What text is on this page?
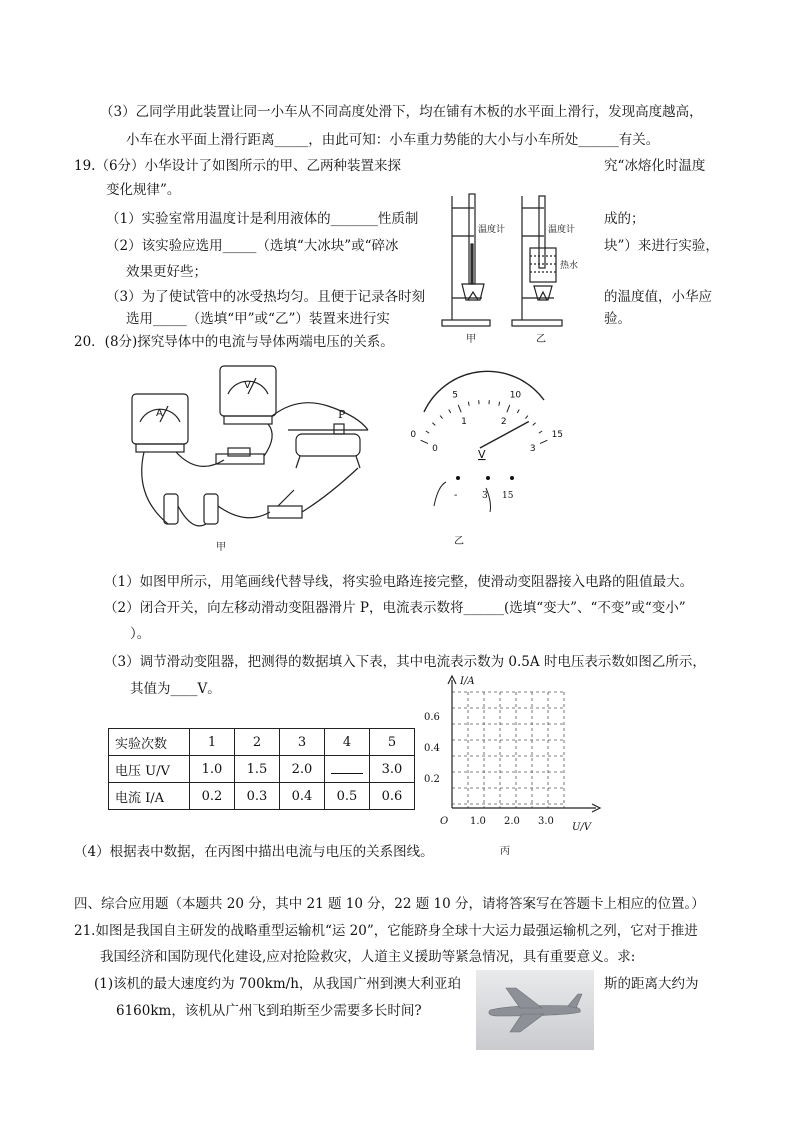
（3）乙同学用此装置让同一小车从不同高度处滑下，均在铺有木板的水平面上滑行，发现高度越高，
小车在水平面上滑行距离_____，由此可知：小车重力势能的大小与小车所处______有关。
19.（6分）小华设计了如图所示的甲、乙两种装置来探	究“冰熔化时温度
变化规律”。
（1）实验室常用温度计是利用液体的_______性质制	成的；
（2）该实验应选用_____（选填“大冰块”或“碎冰	块”）来进行实验，
效果更好些；
（3）为了使试管中的冰受热均匀。且便于记录各时刻	的温度值，小华应
选用_____（选填“甲”或“乙”）装置来进行实	验。
温度计	温度计
热水
甲	乙
20．(8分)探究导体中的电流与导体两端电压的关系。
A
V
P
甲
0
5	10
15
0
1	2
3
V
-	3 15
乙
（1）如图甲所示，用笔画线代替导线，将实验电路连接完整，使滑动变阻器接入电路的阻值最大。
（2）闭合开关，向左移动滑动变阻器滑片 P，电流表示数将______(选填“变大”、“不变”或“变小”
）。
（3）调节滑动变阻器，把测得的数据填入下表，其中电流表示数为 0.5A 时电压表示数如图乙所示，
其值为____V。
实验次数	1	2	3	4	5
电压 U/V	1.0	1.5	2.0		3.0
电流 I/A	0.2	0.3	0.4	0.5	0.6
I/A
U/V
O
0.6
0.4
0.2
1.0 2.0 3.0
丙
（4）根据表中数据，在丙图中描出电流与电压的关系图线。
四、综合应用题（本题共 20 分，其中 21 题 10 分，22 题 10 分，请将答案写在答题卡上相应的位置。）
21.如图是我国自主研发的战略重型运输机“运 20”，它能跻身全球十大运力最强运输机之列，它对于推进
我国经济和国防现代化建设,应对抢险救灾，人道主义援助等紧急情况，具有重要意义。求:
(1)该机的最大速度约为 700km/h，从我国广州到澳大利亚珀	斯的距离大约为
6160km，该机从广州飞到珀斯至少需要多长时间?
